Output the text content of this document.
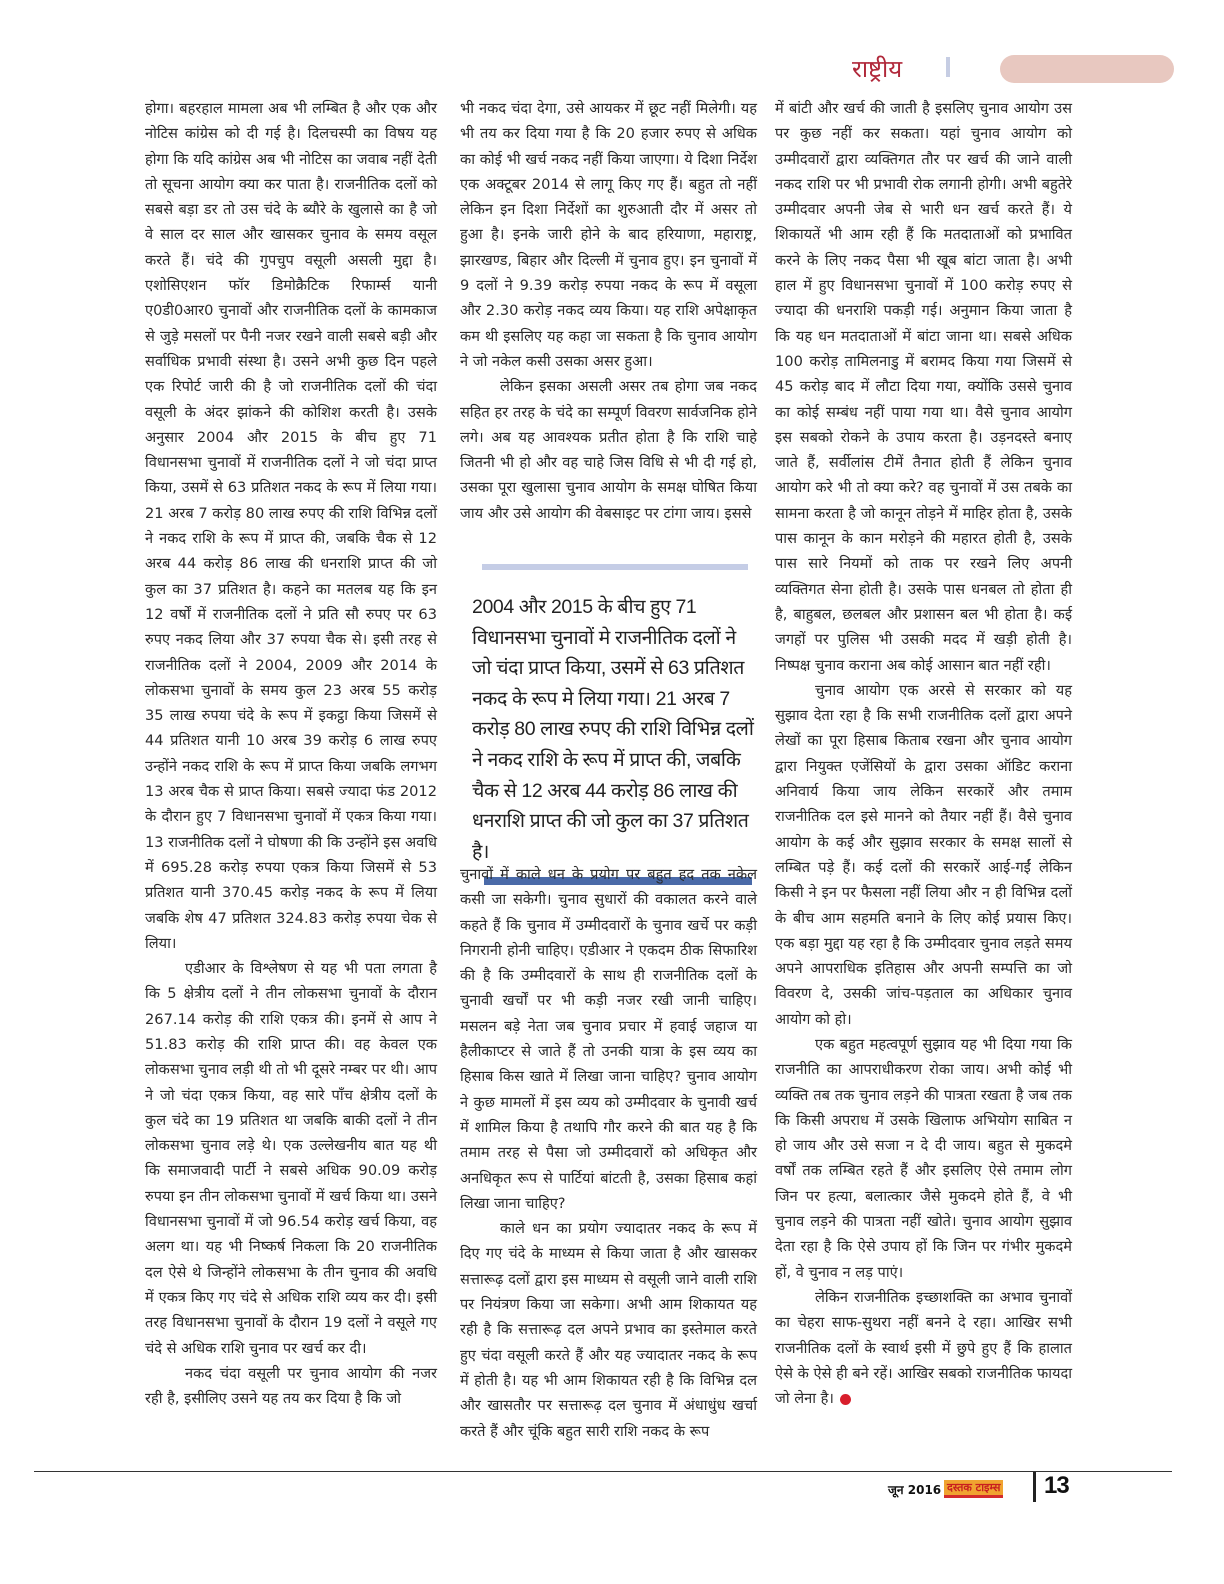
राष्ट्रीय

होगा। बहरहाल मामला अब भी लम्बित है और एक और नोटिस कांग्रेस को दी गई है। दिलचस्पी का विषय यह होगा कि यदि कांग्रेस अब भी नोटिस का जवाब नहीं देती तो सूचना आयोग क्या कर पाता है। राजनीतिक दलों को सबसे बड़ा डर तो उस चंदे के ब्यौरे के खुलासे का है जो वे साल दर साल और खासकर चुनाव के समय वसूल करते हैं। चंदे की गुपचुप वसूली असली मुद्दा है। एशोसिएशन फॉर डिमोक्रैटिक रिफार्म्स यानी ए0डी0आर0 चुनावों और राजनीतिक दलों के कामकाज से जुड़े मसलों पर पैनी नजर रखने वाली सबसे बड़ी और सर्वाधिक प्रभावी संस्था है। उसने अभी कुछ दिन पहले एक रिपोर्ट जारी की है जो राजनीतिक दलों की चंदा वसूली के अंदर झांकने की कोशिश करती है। उसके अनुसार 2004 और 2015 के बीच हुए 71 विधानसभा चुनावों में राजनीतिक दलों ने जो चंदा प्राप्त किया, उसमें से 63 प्रतिशत नकद के रूप में लिया गया। 21 अरब 7 करोड़ 80 लाख रुपए की राशि विभिन्न दलों ने नकद राशि के रूप में प्राप्त की, जबकि चैक से 12 अरब 44 करोड़ 86 लाख की धनराशि प्राप्त की जो कुल का 37 प्रतिशत है। कहने का मतलब यह कि इन 12 वर्षों में राजनीतिक दलों ने प्रति सौ रुपए पर 63 रुपए नकद लिया और 37 रुपया चैक से। इसी तरह से राजनीतिक दलों ने 2004, 2009 और 2014 के लोकसभा चुनावों के समय कुल 23 अरब 55 करोड़ 35 लाख रुपया चंदे के रूप में इकट्ठा किया जिसमें से 44 प्रतिशत यानी 10 अरब 39 करोड़ 6 लाख रुपए उन्होंने नकद राशि के रूप में प्राप्त किया जबकि लगभग 13 अरब चैक से प्राप्त किया। सबसे ज्यादा फंड 2012 के दौरान हुए 7 विधानसभा चुनावों में एकत्र किया गया। 13 राजनीतिक दलों ने घोषणा की कि उन्होंने इस अवधि में 695.28 करोड़ रुपया एकत्र किया जिसमें से 53 प्रतिशत यानी 370.45 करोड़ नकद के रूप में लिया जबकि शेष 47 प्रतिशत 324.83 करोड़ रुपया चेक से लिया।

एडीआर के विश्लेषण से यह भी पता लगता है कि 5 क्षेत्रीय दलों ने तीन लोकसभा चुनावों के दौरान 267.14 करोड़ की राशि एकत्र की। इनमें से आप ने 51.83 करोड़ की राशि प्राप्त की। वह केवल एक लोकसभा चुनाव लड़ी थी तो भी दूसरे नम्बर पर थी। आप ने जो चंदा एकत्र किया, वह सारे पाँच क्षेत्रीय दलों के कुल चंदे का 19 प्रतिशत था जबकि बाकी दलों ने तीन लोकसभा चुनाव लड़े थे। एक उल्लेखनीय बात यह थी कि समाजवादी पार्टी ने सबसे अधिक 90.09 करोड़ रुपया इन तीन लोकसभा चुनावों में खर्च किया था। उसने विधानसभा चुनावों में जो 96.54 करोड़ खर्च किया, वह अलग था। यह भी निष्कर्ष निकला कि 20 राजनीतिक दल ऐसे थे जिन्होंने लोकसभा के तीन चुनाव की अवधि में एकत्र किए गए चंदे से अधिक राशि व्यय कर दी। इसी तरह विधानसभा चुनावों के दौरान 19 दलों ने वसूले गए चंदे से अधिक राशि चुनाव पर खर्च कर दी।

नकद चंदा वसूली पर चुनाव आयोग की नजर रही है, इसीलिए उसने यह तय कर दिया है कि जो

भी नकद चंदा देगा, उसे आयकर में छूट नहीं मिलेगी। यह भी तय कर दिया गया है कि 20 हजार रुपए से अधिक का कोई भी खर्च नकद नहीं किया जाएगा। ये दिशा निर्देश एक अक्टूबर 2014 से लागू किए गए हैं। बहुत तो नहीं लेकिन इन दिशा निर्देशों का शुरुआती दौर में असर तो हुआ है। इनके जारी होने के बाद हरियाणा, महाराष्ट्र, झारखण्ड, बिहार और दिल्ली में चुनाव हुए। इन चुनावों में 9 दलों ने 9.39 करोड़ रुपया नकद के रूप में वसूला और 2.30 करोड़ नकद व्यय किया। यह राशि अपेक्षाकृत कम थी इसलिए यह कहा जा सकता है कि चुनाव आयोग ने जो नकेल कसी उसका असर हुआ।

लेकिन इसका असली असर तब होगा जब नकद सहित हर तरह के चंदे का सम्पूर्ण विवरण सार्वजनिक होने लगे। अब यह आवश्यक प्रतीत होता है कि राशि चाहे जितनी भी हो और वह चाहे जिस विधि से भी दी गई हो, उसका पूरा खुलासा चुनाव आयोग के समक्ष घोषित किया जाय और उसे आयोग की वेबसाइट पर टांगा जाय। इससे

2004 और 2015 के बीच हुए 71 विधानसभा चुनावों मे राजनीतिक दलों ने जो चंदा प्राप्त किया, उसमें से 63 प्रतिशत नकद के रूप मे लिया गया। 21 अरब 7 करोड़ 80 लाख रुपए की राशि विभिन्न दलों ने नकद राशि के रूप में प्राप्त की, जबकि चैक से 12 अरब 44 करोड़ 86 लाख की धनराशि प्राप्त की जो कुल का 37 प्रतिशत है।

चुनावों में काले धन के प्रयोग पर बहुत हद तक नकेल कसी जा सकेगी। चुनाव सुधारों की वकालत करने वाले कहते हैं कि चुनाव में उम्मीदवारों के चुनाव खर्चे पर कड़ी निगरानी होनी चाहिए। एडीआर ने एकदम ठीक सिफारिश की है कि उम्मीदवारों के साथ ही राजनीतिक दलों के चुनावी खर्चों पर भी कड़ी नजर रखी जानी चाहिए। मसलन बड़े नेता जब चुनाव प्रचार में हवाई जहाज या हैलीकाप्टर से जाते हैं तो उनकी यात्रा के इस व्यय का हिसाब किस खाते में लिखा जाना चाहिए? चुनाव आयोग ने कुछ मामलों में इस व्यय को उम्मीदवार के चुनावी खर्च में शामिल किया है तथापि गौर करने की बात यह है कि तमाम तरह से पैसा जो उम्मीदवारों को अधिकृत और अनधिकृत रूप से पार्टियां बांटती है, उसका हिसाब कहां लिखा जाना चाहिए?

काले धन का प्रयोग ज्यादातर नकद के रूप में दिए गए चंदे के माध्यम से किया जाता है और खासकर सत्तारूढ़ दलों द्वारा इस माध्यम से वसूली जाने वाली राशि पर नियंत्रण किया जा सकेगा। अभी आम शिकायत यह रही है कि सत्तारूढ़ दल अपने प्रभाव का इस्तेमाल करते हुए चंदा वसूली करते हैं और यह ज्यादातर नकद के रूप में होती है। यह भी आम शिकायत रही है कि विभिन्न दल और खासतौर पर सत्तारूढ़ दल चुनाव में अंधाधुंध खर्चा करते हैं और चूंकि बहुत सारी राशि नकद के रूप

में बांटी और खर्च की जाती है इसलिए चुनाव आयोग उस पर कुछ नहीं कर सकता। यहां चुनाव आयोग को उम्मीदवारों द्वारा व्यक्तिगत तौर पर खर्च की जाने वाली नकद राशि पर भी प्रभावी रोक लगानी होगी। अभी बहुतेरे उम्मीदवार अपनी जेब से भारी धन खर्च करते हैं। ये शिकायतें भी आम रही हैं कि मतदाताओं को प्रभावित करने के लिए नकद पैसा भी खूब बांटा जाता है। अभी हाल में हुए विधानसभा चुनावों में 100 करोड़ रुपए से ज्यादा की धनराशि पकड़ी गई। अनुमान किया जाता है कि यह धन मतदाताओं में बांटा जाना था। सबसे अधिक 100 करोड़ तामिलनाडु में बरामद किया गया जिसमें से 45 करोड़ बाद में लौटा दिया गया, क्योंकि उससे चुनाव का कोई सम्बंध नहीं पाया गया था। वैसे चुनाव आयोग इस सबको रोकने के उपाय करता है। उड़नदस्ते बनाए जाते हैं, सर्वीलांस टीमें तैनात होती हैं लेकिन चुनाव आयोग करे भी तो क्या करे? वह चुनावों में उस तबके का सामना करता है जो कानून तोड़ने में माहिर होता है, उसके पास कानून के कान मरोड़ने की महारत होती है, उसके पास सारे नियमों को ताक पर रखने लिए अपनी व्यक्तिगत सेना होती है। उसके पास धनबल तो होता ही है, बाहुबल, छलबल और प्रशासन बल भी होता है। कई जगहों पर पुलिस भी उसकी मदद में खड़ी होती है। निष्पक्ष चुनाव कराना अब कोई आसान बात नहीं रही।

चुनाव आयोग एक अरसे से सरकार को यह सुझाव देता रहा है कि सभी राजनीतिक दलों द्वारा अपने लेखों का पूरा हिसाब किताब रखना और चुनाव आयोग द्वारा नियुक्त एजेंसियों के द्वारा उसका ऑडिट कराना अनिवार्य किया जाय लेकिन सरकारें और तमाम राजनीतिक दल इसे मानने को तैयार नहीं हैं। वैसे चुनाव आयोग के कई और सुझाव सरकार के समक्ष सालों से लम्बित पड़े हैं। कई दलों की सरकारें आई-गईं लेकिन किसी ने इन पर फैसला नहीं लिया और न ही विभिन्न दलों के बीच आम सहमति बनाने के लिए कोई प्रयास किए। एक बड़ा मुद्दा यह रहा है कि उम्मीदवार चुनाव लड़ते समय अपने आपराधिक इतिहास और अपनी सम्पत्ति का जो विवरण दे, उसकी जांच-पड़ताल का अधिकार चुनाव आयोग को हो।

एक बहुत महत्वपूर्ण सुझाव यह भी दिया गया कि राजनीति का आपराधीकरण रोका जाय। अभी कोई भी व्यक्ति तब तक चुनाव लड़ने की पात्रता रखता है जब तक कि किसी अपराध में उसके खिलाफ अभियोग साबित न हो जाय और उसे सजा न दे दी जाय। बहुत से मुकदमे वर्षों तक लम्बित रहते हैं और इसलिए ऐसे तमाम लोग जिन पर हत्या, बलात्कार जैसे मुकदमे होते हैं, वे भी चुनाव लड़ने की पात्रता नहीं खोते। चुनाव आयोग सुझाव देता रहा है कि ऐसे उपाय हों कि जिन पर गंभीर मुकदमे हों, वे चुनाव न लड़ पाएं।

लेकिन राजनीतिक इच्छाशक्ति का अभाव चुनावों का चेहरा साफ-सुथरा नहीं बनने दे रहा। आखिर सभी राजनीतिक दलों के स्वार्थ इसी में छुपे हुए हैं कि हालात ऐसे के ऐसे ही बने रहें। आखिर सबको राजनीतिक फायदा जो लेना है।

जून 2016 दस्तक टाइम्स 13
